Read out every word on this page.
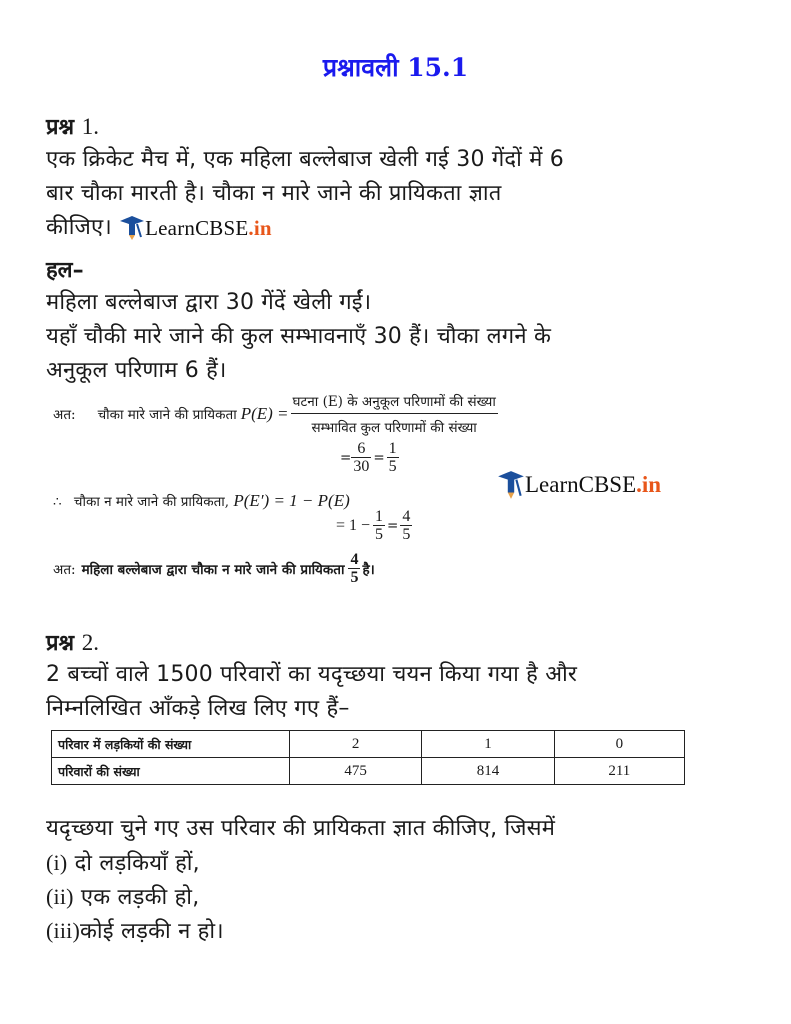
प्रश्नावली 15.1
प्रश्न 1.
एक क्रिकेट मैच में, एक महिला बल्लेबाज खेली गई 30 गेंदों में 6
बार चौका मारती है। चौका न मारे जाने की प्रायिकता ज्ञात
कीजिए। LearnCBSE .in
हल–
महिला बल्लेबाज द्वारा 30 गेंदें खेली गईं।
यहाँ चौकी मारे जाने की कुल सम्भावनाएँ 30 हैं। चौका लगने के
अनुकूल परिणाम 6 हैं।
अत: चौका मारे जाने की प्रायिकता P(E) =
घटना (E) के अनुकूल परिणामों की संख्या
सम्भावित कुल परिणामों की संख्या
= $\frac{6}{30} = \frac{1}{5}$
LearnCBSE .in
∴ चौका न मारे जाने की प्रायिकता, P(E′) = 1 − P(E)
= $1 - \frac{1}{5} = \frac{4}{5}$
अत: महिला बल्लेबाज द्वारा चौका न मारे जाने की प्रायिकता $\frac{4}{5}$ है।
प्रश्न 2.
2 बच्चों वाले 1500 परिवारों का यदृच्छया चयन किया गया है और
निम्नलिखित आँकड़े लिख लिए गए हैं–
परिवार में लड़कियों की संख्या	2	1	0
परिवारों की संख्या	475	814	211
यदृच्छया चुने गए उस परिवार की प्रायिकता ज्ञात कीजिए, जिसमें
(i) दो लड़कियाँ हों,
(ii) एक लड़की हो,
(iii)कोई लड़की न हो।
